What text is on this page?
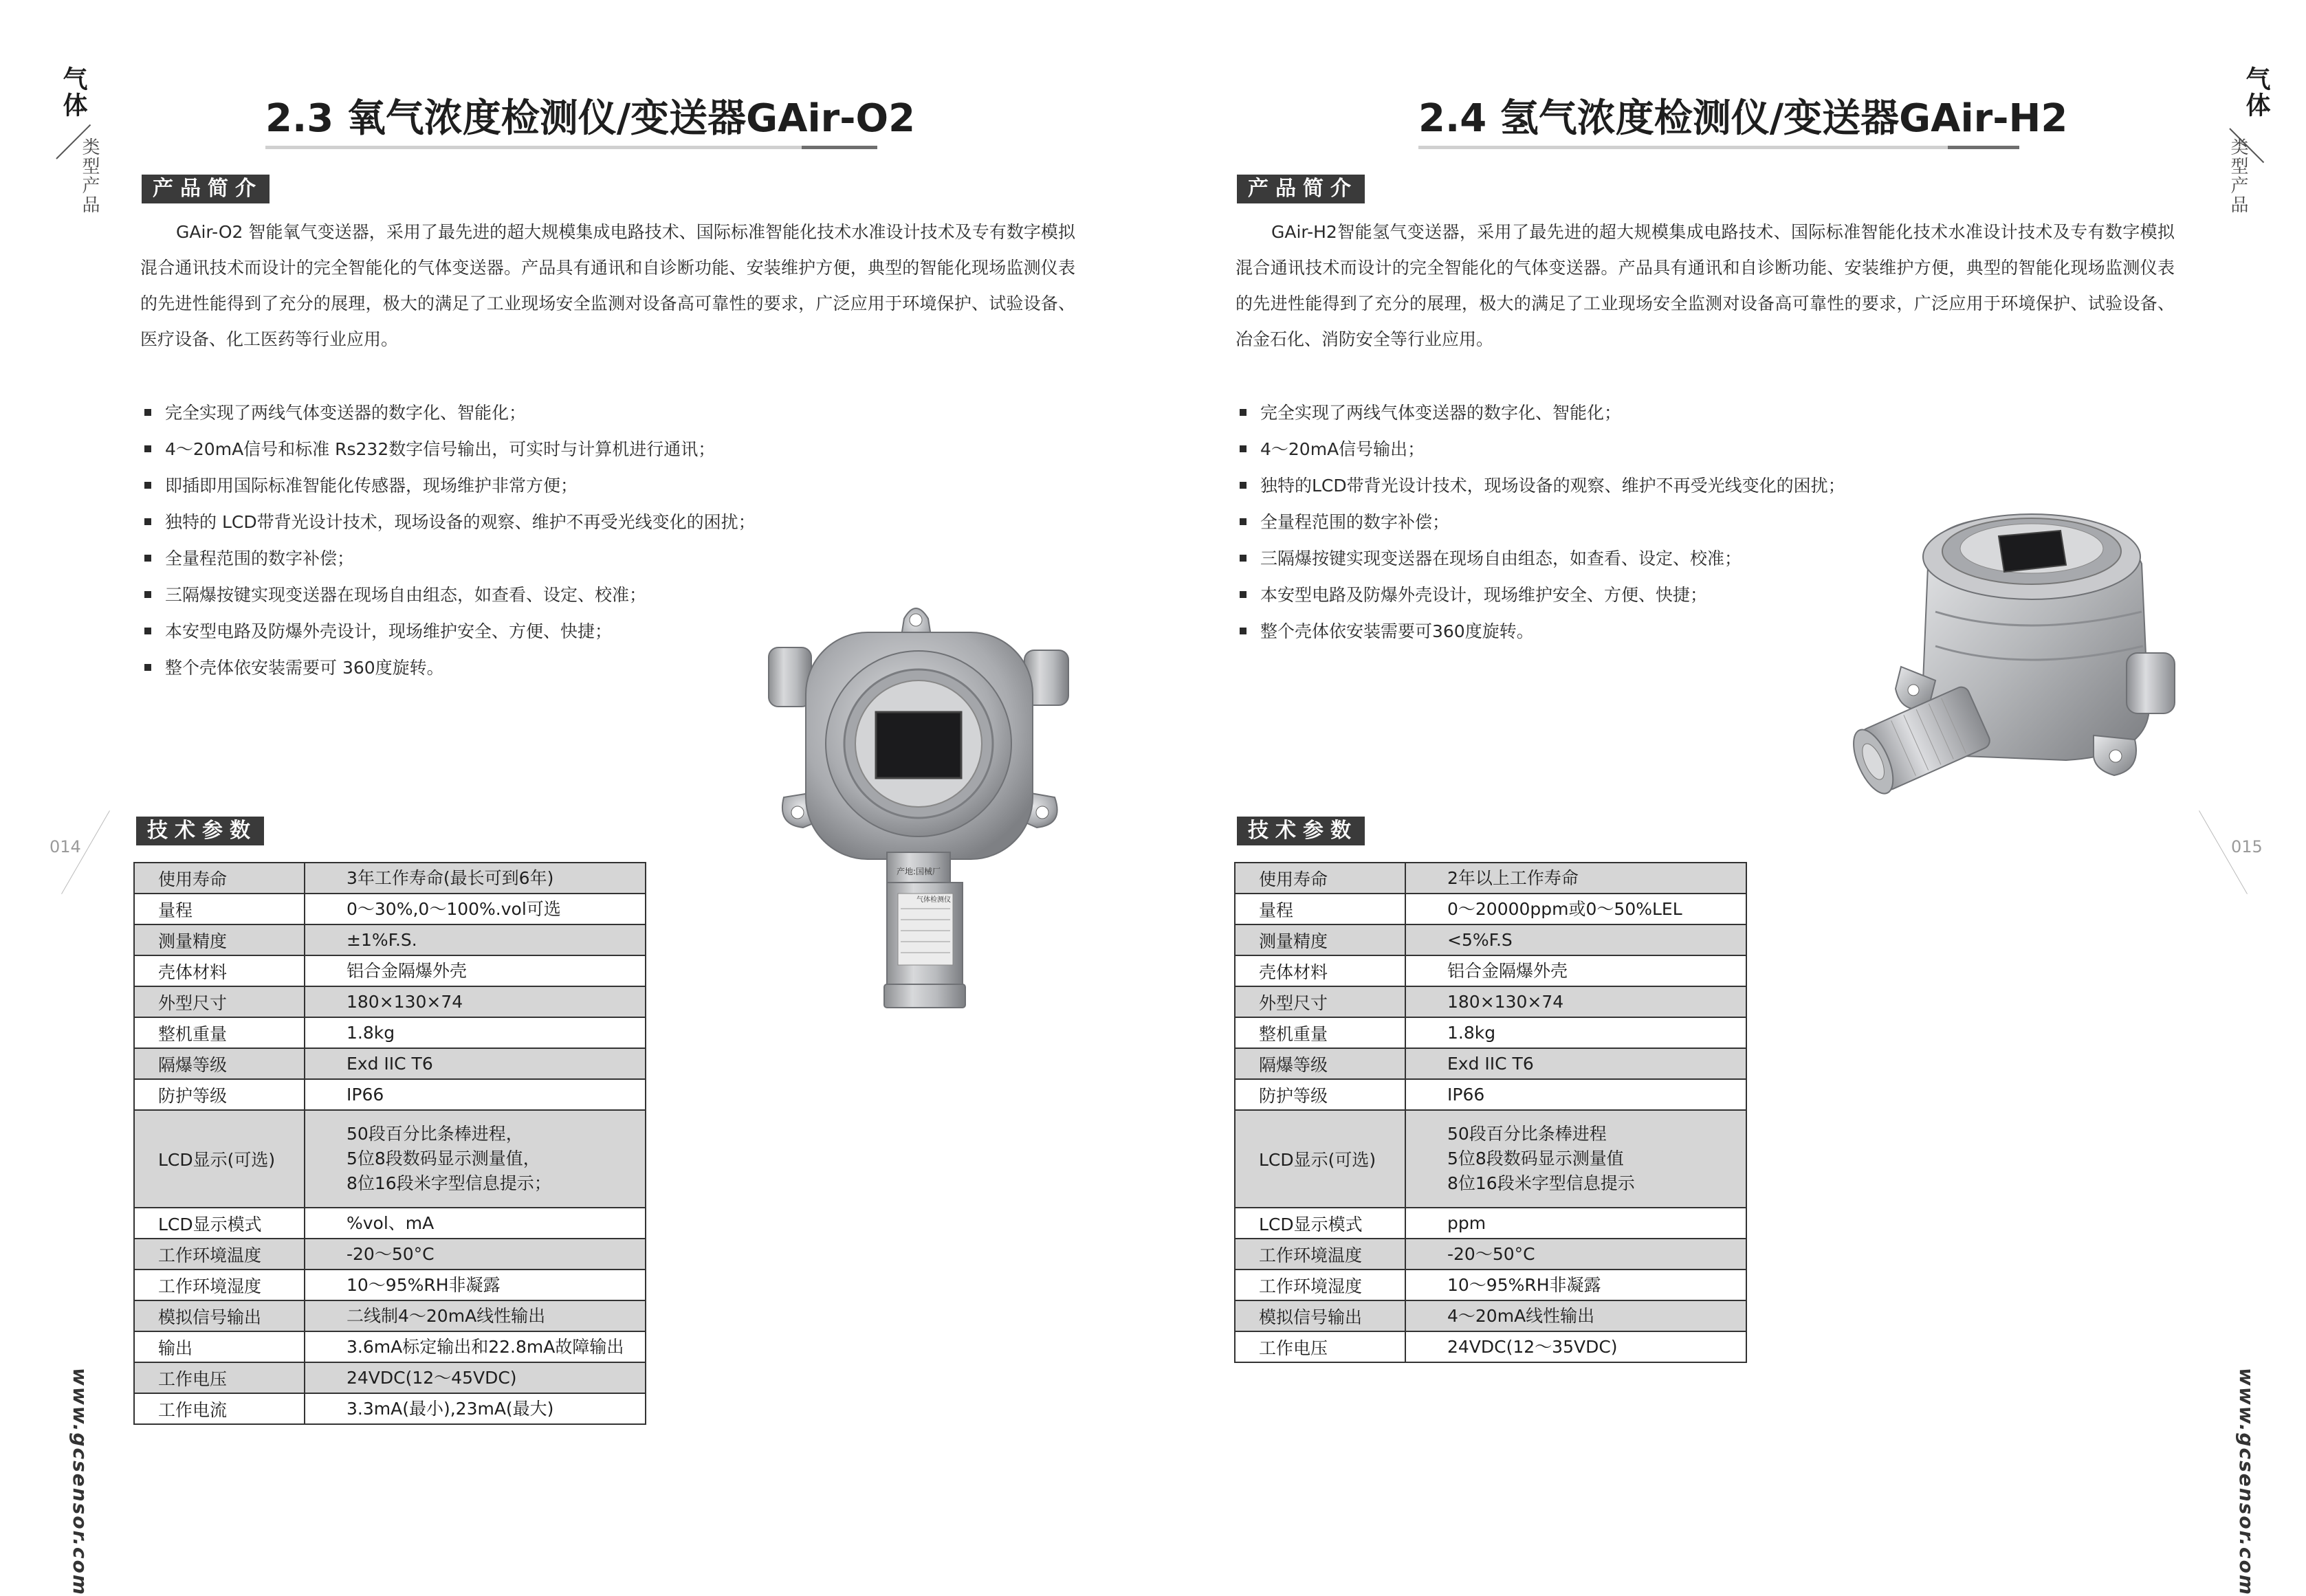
气体
类型产品
www.gcsensor.com
014
2.3 氧气浓度检测仪/变送器GAir-O2
产品简介

GAir-O2 智能氧气变送器，采用了最先进的超大规模集成电路技术、国际标准智能化技术水准设计技术及专有数字模拟混合通讯技术而设计的完全智能化的气体变送器。产品具有通讯和自诊断功能、安装维护方便，典型的智能化现场监测仪表的先进性能得到了充分的展理，极大的满足了工业现场安全监测对设备高可靠性的要求，广泛应用于环境保护、试验设备、医疗设备、化工医药等行业应用。

完全实现了两线气体变送器的数字化、智能化；
4～20mA信号和标准 Rs232数字信号输出，可实时与计算机进行通讯；
即插即用国际标准智能化传感器，现场维护非常方便；
独特的 LCD带背光设计技术，现场设备的观察、维护不再受光线变化的困扰；
全量程范围的数字补偿；
三隔爆按键实现变送器在现场自由组态，如查看、设定、校准；
本安型电路及防爆外壳设计，现场维护安全、方便、快捷；
整个壳体依安装需要可 360度旋转。
技术参数
使用寿命	3年工作寿命(最长可到6年)
量程	0～30%,0～100%.vol可选
测量精度	±1%F.S.
壳体材料	铝合金隔爆外壳
外型尺寸	180×130×74
整机重量	1.8kg
隔爆等级	Exd IIC T6
防护等级	IP66
LCD显示(可选)	50段百分比条棒进程，
5位8段数码显示测量值，
8位16段米字型信息提示；

LCD显示模式	%vol、mA
工作环境温度	-20～50°C
工作环境湿度	10～95%RH非凝露
模拟信号输出	二线制4～20mA线性输出
输出	3.6mA标定输出和22.8mA故障输出
工作电压	24VDC(12～45VDC)
工作电流	3.3mA(最小),23mA(最大)
产地:国械厂
气体检测仪
气体
类型产品
www.gcsensor.com
015
2.4 氢气浓度检测仪/变送器GAir-H2
产品简介

GAir-H2智能氢气变送器，采用了最先进的超大规模集成电路技术、国际标准智能化技术水准设计技术及专有数字模拟混合通讯技术而设计的完全智能化的气体变送器。产品具有通讯和自诊断功能、安装维护方便，典型的智能化现场监测仪表的先进性能得到了充分的展理，极大的满足了工业现场安全监测对设备高可靠性的要求，广泛应用于环境保护、试验设备、冶金石化、消防安全等行业应用。

完全实现了两线气体变送器的数字化、智能化；
4～20mA信号输出；
独特的LCD带背光设计技术，现场设备的观察、维护不再受光线变化的困扰；
全量程范围的数字补偿；
三隔爆按键实现变送器在现场自由组态，如查看、设定、校准；
本安型电路及防爆外壳设计，现场维护安全、方便、快捷；
整个壳体依安装需要可360度旋转。
技术参数
使用寿命	2年以上工作寿命
量程	0～20000ppm或0～50%LEL
测量精度	<5%F.S
壳体材料	铝合金隔爆外壳
外型尺寸	180×130×74
整机重量	1.8kg
隔爆等级	Exd IIC T6
防护等级	IP66
LCD显示(可选)	50段百分比条棒进程
5位8段数码显示测量值
8位16段米字型信息提示

LCD显示模式	ppm
工作环境温度	-20～50°C
工作环境湿度	10～95%RH非凝露
模拟信号输出	4～20mA线性输出
工作电压	24VDC(12～35VDC)
